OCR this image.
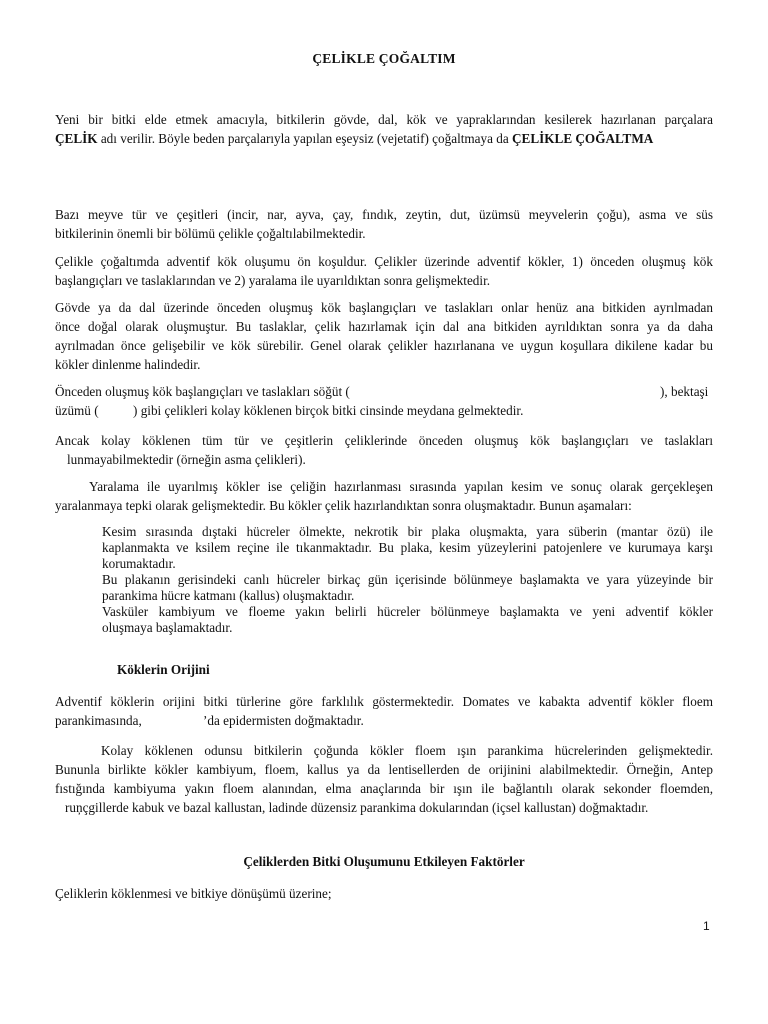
ÇELİKLE ÇOĞALTIM
Yeni bir bitki elde etmek amacıyla, bitkilerin gövde, dal, kök ve yapraklarından kesilerek hazırlanan parçalara
ÇELİK adı verilir. Böyle beden parçalarıyla yapılan eşeysiz (vejetatif) çoğaltmaya da ÇELİKLE ÇOĞALTMA
Bazı meyve tür ve çeşitleri (incir, nar, ayva, çay, fındık, zeytin, dut, üzümsü meyvelerin çoğu), asma ve süs
bitkilerinin önemli bir bölümü çelikle çoğaltılabilmektedir.
Çelikle çoğaltımda adventif kök oluşumu ön koşuldur. Çelikler üzerinde adventif kökler, 1) önceden oluşmuş kök
başlangıçları ve taslaklarından ve 2) yaralama ile uyarıldıktan sonra gelişmektedir.
Gövde ya da dal üzerinde önceden oluşmuş kök başlangıçları ve taslakları onlar henüz ana bitkiden ayrılmadan
önce doğal olarak oluşmuştur. Bu taslaklar, çelik hazırlamak için dal ana bitkiden ayrıldıktan sonra ya da daha
ayrılmadan önce gelişebilir ve kök sürebilir. Genel olarak çelikler hazırlanana ve uygun koşullara dikilene kadar bu
kökler dinlenme halindedir.
Önceden oluşmuş kök başlangıçları ve taslakları söğüt (	), bektaşi
üzümü (	) gibi çelikleri kolay köklenen birçok bitki cinsinde meydana gelmektedir.
Ancak kolay köklenen tüm tür ve çeşitlerin çeliklerinde önceden oluşmuş kök başlangıçları ve taslakları
lunmayabilmektedir (örneğin asma çelikleri).
Yaralama ile uyarılmış kökler ise çeliğin hazırlanması sırasında yapılan kesim ve sonuç olarak gerçekleşen
yaralanmaya tepki olarak gelişmektedir. Bu kökler çelik hazırlandıktan sonra oluşmaktadır. Bunun aşamaları:
Kesim sırasında dıştaki hücreler ölmekte, nekrotik bir plaka oluşmakta, yara süberin (mantar özü) ile
kaplanmakta ve ksilem reçine ile tıkanmaktadır. Bu plaka, kesim yüzeylerini patojenlere ve kurumaya karşı
korumaktadır.
Bu plakanın gerisindeki canlı hücreler birkaç gün içerisinde bölünmeye başlamakta ve yara yüzeyinde bir
parankima hücre katmanı (kallus) oluşmaktadır.
Vasküler kambiyum ve floeme yakın belirli hücreler bölünmeye başlamakta ve yeni adventif kökler
oluşmaya başlamaktadır.
Köklerin Orijini
Adventif köklerin orijini bitki türlerine göre farklılık göstermektedir. Domates ve kabakta adventif kökler floem
parankimasında,	’da epidermisten doğmaktadır.
Kolay köklenen odunsu bitkilerin çoğunda kökler floem ışın parankima hücrelerinden gelişmektedir.
Bununla birlikte kökler kambiyum, floem, kallus ya da lentisellerden de orijinini alabilmektedir. Örneğin, Antep
fıstığında kambiyuma yakın floem alanından, elma anaçlarında bir ışın ile bağlantılı olarak sekonder floemden,
ruņçgillerde kabuk ve bazal kallustan, ladinde düzensiz parankima dokularından (içsel kallustan) doğmaktadır.
Çeliklerden Bitki Oluşumunu Etkileyen Faktörler
Çeliklerin köklenmesi ve bitkiye dönüşümü üzerine;
1
